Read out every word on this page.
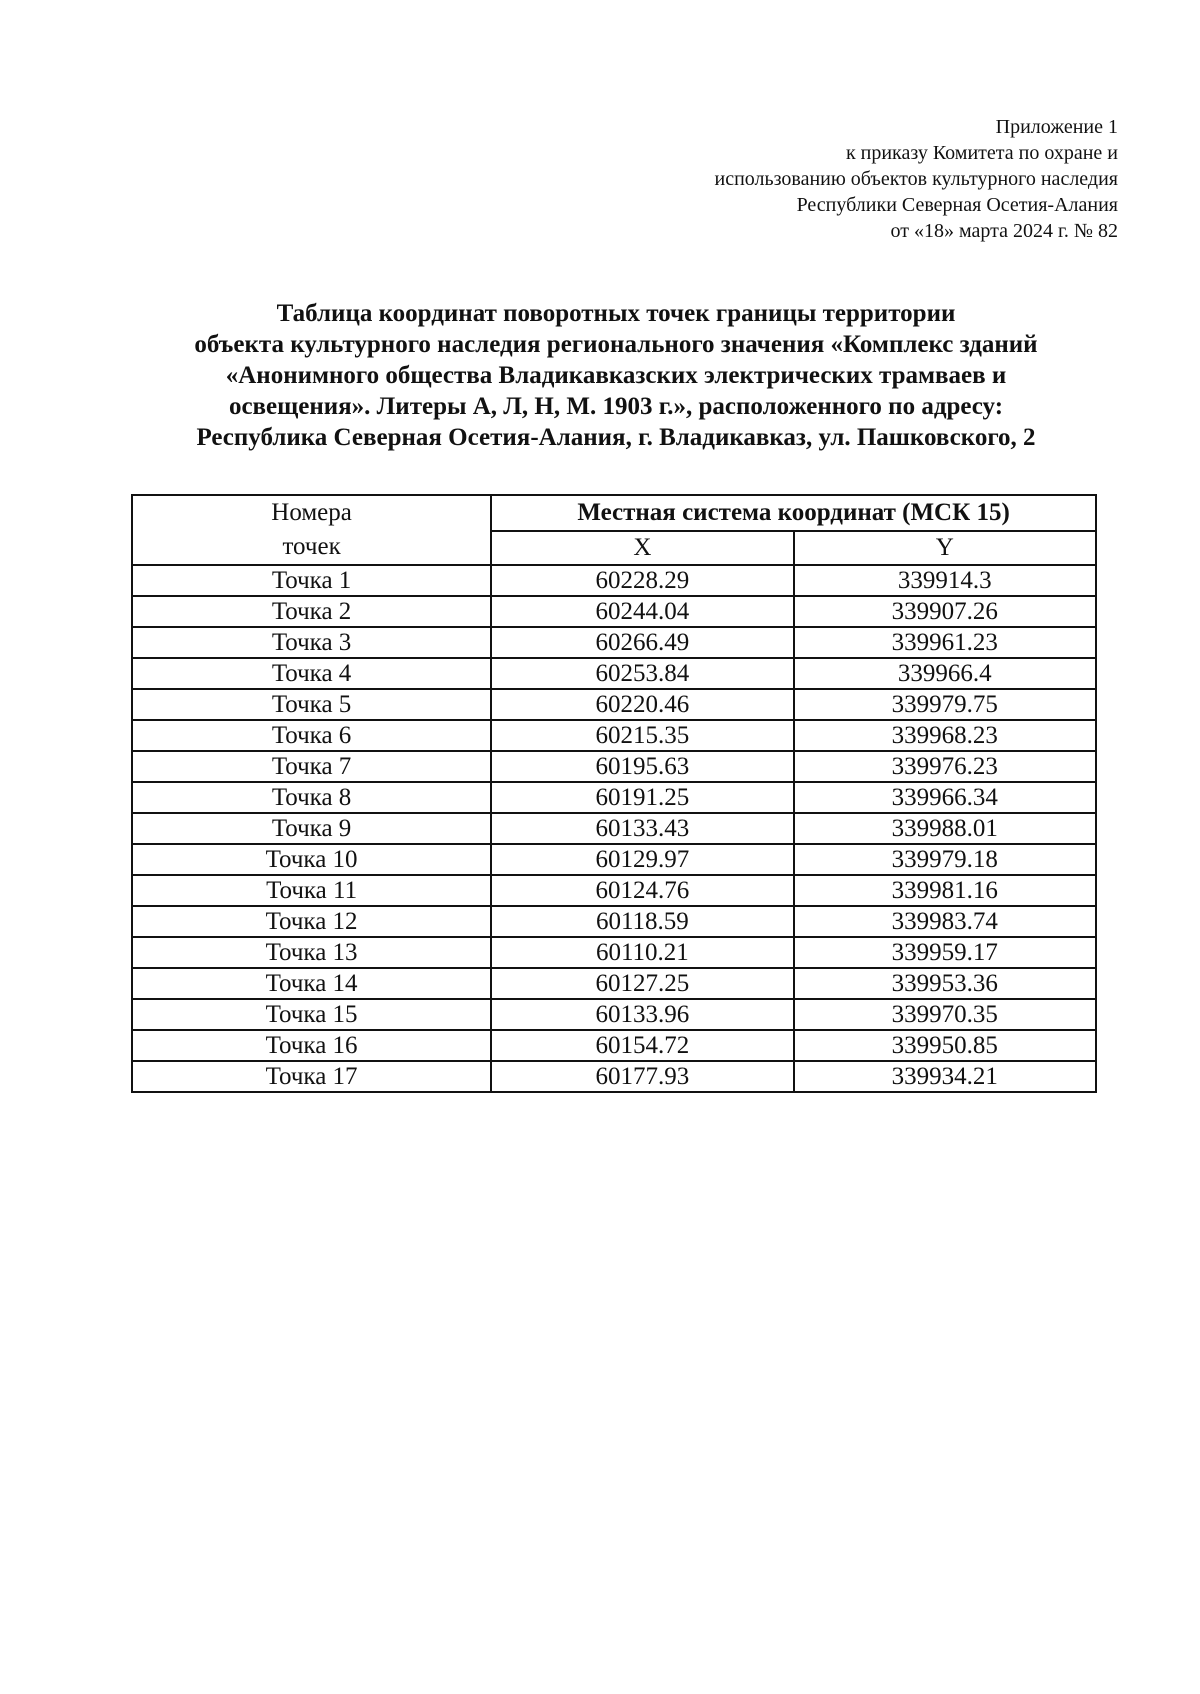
Приложение 1
к приказу Комитета по охране и
использованию объектов культурного наследия
Республики Северная Осетия-Алания
от «18» марта 2024 г. № 82
Таблица координат поворотных точек границы территории
объекта культурного наследия регионального значения «Комплекс зданий
«Анонимного общества Владикавказских электрических трамваев и
освещения». Литеры А, Л, Н, М. 1903 г.», расположенного по адресу:
Республика Северная Осетия-Алания, г. Владикавказ, ул. Пашковского, 2
Номера
точек	Местная система координат (МСК 15)	
	X	Y
Точка 1	60228.29	339914.3
Точка 2	60244.04	339907.26
Точка 3	60266.49	339961.23
Точка 4	60253.84	339966.4
Точка 5	60220.46	339979.75
Точка 6	60215.35	339968.23
Точка 7	60195.63	339976.23
Точка 8	60191.25	339966.34
Точка 9	60133.43	339988.01
Точка 10	60129.97	339979.18
Точка 11	60124.76	339981.16
Точка 12	60118.59	339983.74
Точка 13	60110.21	339959.17
Точка 14	60127.25	339953.36
Точка 15	60133.96	339970.35
Точка 16	60154.72	339950.85
Точка 17	60177.93	339934.21
